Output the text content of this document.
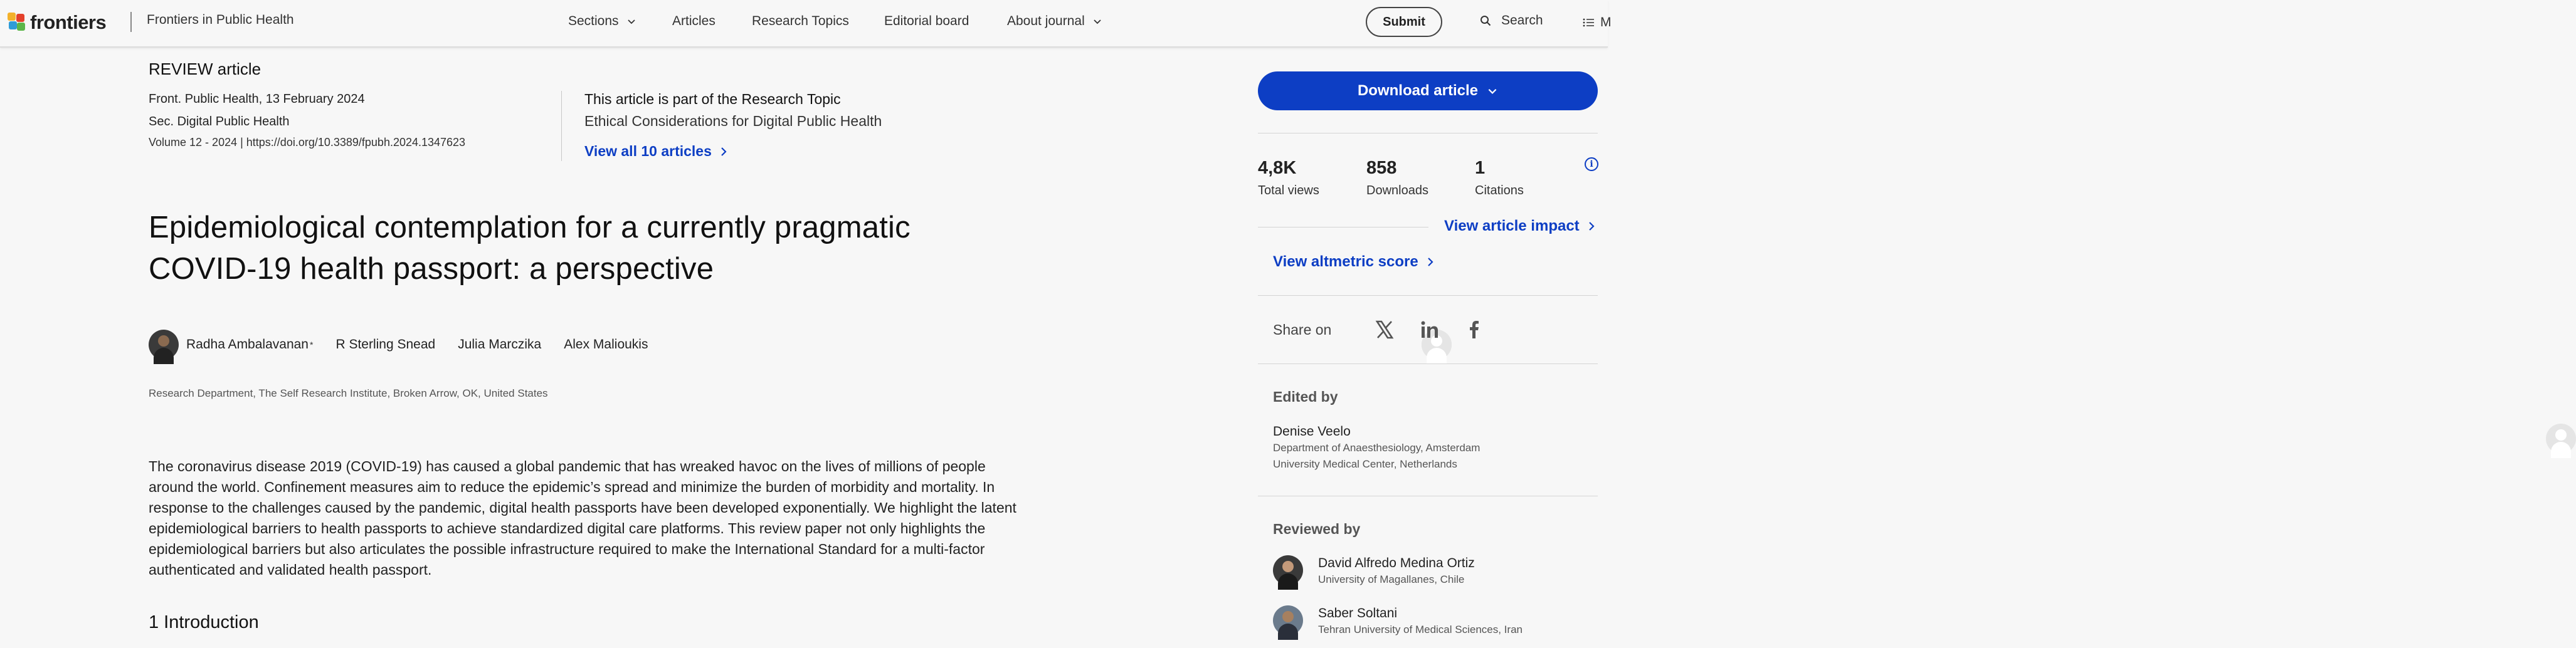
frontiers	Frontiers in Public Health	Sections	Articles	Research Topics	Editorial board	About journal	Submit	Search	M
REVIEW article
Front. Public Health, 13 February 2024
Sec. Digital Public Health
Volume 12 - 2024 | https://doi.org/10.3389/fpubh.2024.1347623
This article is part of the Research Topic
Ethical Considerations for Digital Public Health
View all 10 articles
Epidemiological contemplation for a currently pragmatic
COVID-19 health passport: a perspective
Radha Ambalavanan * R Sterling Snead Julia Marczika Alex Malioukis
Research Department, The Self Research Institute, Broken Arrow, OK, United States

The coronavirus disease 2019 (COVID-19) has caused a global pandemic that has wreaked havoc on the lives of millions of people around the world. Confinement measures aim to reduce the epidemic’s spread and minimize the burden of morbidity and mortality. In response to the challenges caused by the pandemic, digital health passports have been developed exponentially. We highlight the latent epidemiological barriers to health passports to achieve standardized digital care platforms. This review paper not only highlights the epidemiological barriers but also articulates the possible infrastructure required to make the International Standard for a multi-factor authenticated and validated health passport.

1 Introduction
Download article
4,8K
Total views
858
Downloads
1
Citations
i
View article impact
View altmetric score
Share on
Edited by
Denise Veelo
Department of Anaesthesiology, Amsterdam
University Medical Center, Netherlands
Reviewed by
David Alfredo Medina Ortiz
University of Magallanes, Chile
Saber Soltani
Tehran University of Medical Sciences, Iran
